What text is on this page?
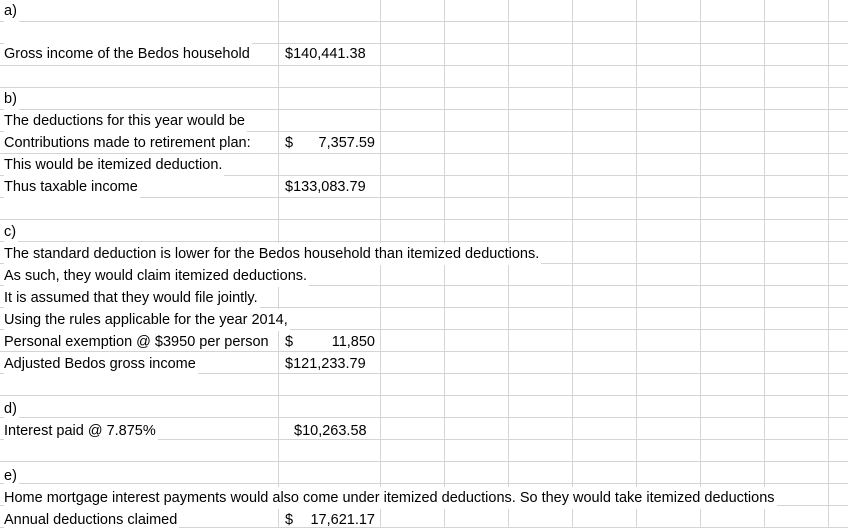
a)
Gross income of the Bedos household $140,441.38
b)
The deductions for this year would be
Contributions made to retirement plan:	$ 7,357.59
This would be itemized deduction.
Thus taxable income	$133,083.79
c)
The standard deduction is lower for the Bedos household than itemized deductions.
As such, they would claim itemized deductions.
It is assumed that they would file jointly.
Using the rules applicable for the year 2014,
Personal exemption @ $3950 per person	$	11,850
Adjusted Bedos gross income	$121,233.79
d)
Interest paid @ 7.875%	$10,263.58
e)
Home mortgage interest payments would also come under itemized deductions. So they would take itemized deductions
Annual deductions claimed	$ 17,621.17
